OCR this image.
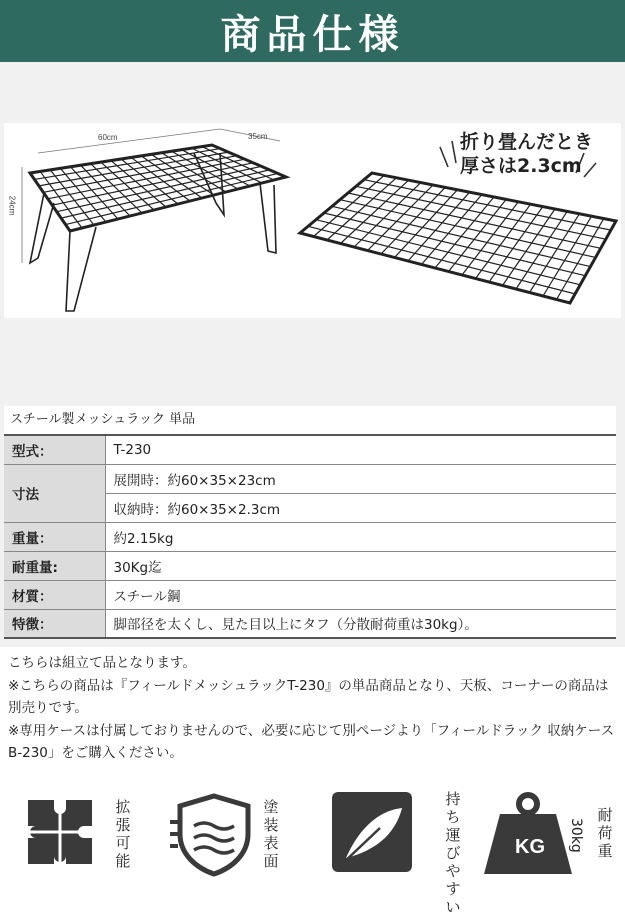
商品仕様
60cm	35cm
24cm
折り畳んだとき
厚さは2.3cm
スチール製メッシュラック 単品
型式：	T-230
寸法	展開時：約60×35×23cm
	収納時：約60×35×2.3cm
重量：	約2.15kg
耐重量:	30Kg迄
材質：	スチール鋼
特徴：	脚部径を太くし、見た目以上にタフ（分散耐荷重は30kg）。

こちらは組立て品となります。

※こちらの商品は『フィールドメッシュラックT-230』の単品商品となり、天板、コーナーの商品は別売りです。

※専用ケースは付属しておりませんので、必要に応じて別ページより「フィールドラック 収納ケース B-230」をご購入ください。

拡張可能
塗装表面
持ち運びやすい
KG
耐荷重
30kg
